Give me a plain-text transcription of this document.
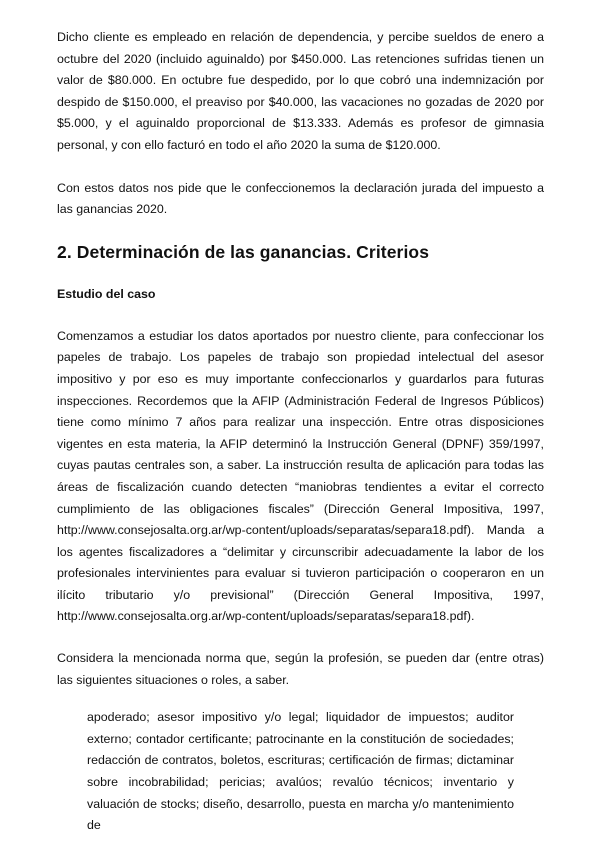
Dicho cliente es empleado en relación de dependencia, y percibe sueldos de enero a octubre del 2020 (incluido aguinaldo) por $450.000. Las retenciones sufridas tienen un valor de $80.000. En octubre fue despedido, por lo que cobró una indemnización por despido de $150.000, el preaviso por $40.000, las vacaciones no gozadas de 2020 por $5.000, y el aguinaldo proporcional de $13.333. Además es profesor de gimnasia personal, y con ello facturó en todo el año 2020 la suma de $120.000.

Con estos datos nos pide que le confeccionemos la declaración jurada del impuesto a las ganancias 2020.

2. Determinación de las ganancias. Criterios
Estudio del caso

Comenzamos a estudiar los datos aportados por nuestro cliente, para confeccionar los papeles de trabajo. Los papeles de trabajo son propiedad intelectual del asesor impositivo y por eso es muy importante confeccionarlos y guardarlos para futuras inspecciones. Recordemos que la AFIP (Administración Federal de Ingresos Públicos) tiene como mínimo 7 años para realizar una inspección. Entre otras disposiciones vigentes en esta materia, la AFIP determinó la Instrucción General (DPNF) 359/1997, cuyas pautas centrales son, a saber. La instrucción resulta de aplicación para todas las áreas de fiscalización cuando detecten “maniobras tendientes a evitar el correcto cumplimiento de las obligaciones fiscales” (Dirección General Impositiva, 1997, http://www.consejosalta.org.ar/wp-content/uploads/separatas/separa18.pdf). Manda a los agentes fiscalizadores a “delimitar y circunscribir adecuadamente la labor de los profesionales intervinientes para evaluar si tuvieron participación o cooperaron en un ilícito tributario y/o previsional” (Dirección General Impositiva, 1997, http://www.consejosalta.org.ar/wp-content/uploads/separatas/separa18.pdf).

Considera la mencionada norma que, según la profesión, se pueden dar (entre otras) las siguientes situaciones o roles, a saber.

apoderado; asesor impositivo y/o legal; liquidador de impuestos; auditor externo; contador certificante; patrocinante en la constitución de sociedades; redacción de contratos, boletos, escrituras; certificación de firmas; dictaminar sobre incobrabilidad; pericias; avalúos; revalúo técnicos; inventario y valuación de stocks; diseño, desarrollo, puesta en marcha y/o mantenimiento de
